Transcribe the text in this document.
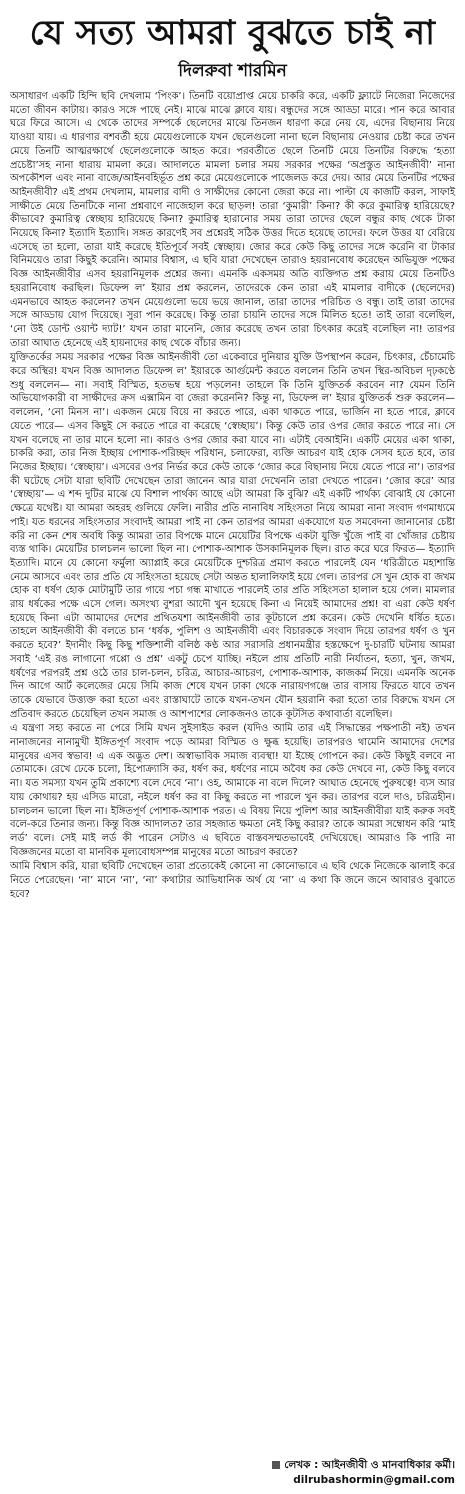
যে সত্য আমরা বুঝতে চাই না
দিলরুবা শারমিন

অসাধারণ একটি হিন্দি ছবি দেখলাম ‘পিংক’। তিনটি বয়োপ্রাপ্ত মেয়ে চাকরি করে, একটি ফ্ল্যাটে নিজেরা নিজেদের মতো জীবন কাটায়। কারও সঙ্গে পাছে নেই। মাঝে মাঝে ক্লাবে যায়। বন্ধুদের সঙ্গে আড্ডা মারে। পান করে আবার ঘরে ফিরে আসে। এ থেকে তাদের সম্পর্কে ছেলেদের মাঝে তিনজন ধারণা করে নেয় যে, এদের বিছানায় নিয়ে যাওয়া যায়। এ ধারণার বশবর্তী হয়ে মেয়েগুলোকে যখন ছেলেগুলো নানা ছলে বিছানায় নেওয়ার চেষ্টা করে তখন মেয়ে তিনটি আত্মরক্ষার্থে ছেলেগুলোকে আহত করে। পরবর্তীতে ছেলে তিনটি মেয়ে তিনটির বিরুদ্ধে ‘হত্যা প্রচেষ্টা’সহ নানা ধারায় মামলা করে। আদালতে মামলা চলার সময় সরকার পক্ষের ‘অপ্রস্তুত আইনজীবী’ নানা অপকৌশল এবং নানা বাজে/আইনবহির্ভূত প্রশ্ন করে মেয়েগুলোকে পাজেলড করে দেয়। আর মেয়ে তিনটির পক্ষের আইনজীবী? এই প্রথম দেখলাম, মামলার বাদী ও সাক্ষীদের কোনো জেরা করে না। পাল্টা যে কাজটি করল, সাফাই সাক্ষীতে মেয়ে তিনটিকে নানা প্রশ্নবাণে নাজেহাল করে ছাড়ল! তারা ‘কুমারী’ কিনা? কী করে কুমারিত্ব হারিয়েছে? কীভাবে? কুমারিত্ব স্বেচ্ছায় হারিয়েছে কিনা? কুমারিত্ব হারানোর সময় তারা তাদের ছেলে বন্ধুর কাছ থেকে টাকা নিয়েছে কিনা? ইত্যাদি ইত্যাদি। সঙ্গত কারণেই সব প্রশ্নেরই সঠিক উত্তর দিতে হয়েছে তাদের। ফলে উত্তর যা বেরিয়ে এসেছে তা হলো, তারা যাই করেছে ইতিপূর্বে সবই স্বেচ্ছায়। জোর করে কেউ কিছু তাদের সঙ্গে করেনি বা টাকার বিনিময়েও তারা কিছুই করেনি। আমার বিশ্বাস, এ ছবি যারা দেখেছেন তারাও হয়রানবোধ করেছেন অভিযুক্ত পক্ষের বিজ্ঞ আইনজীবীর এসব হয়রানিমূলক প্রশ্নের জন্য। এমনকি একসময় অতি ব্যক্তিগত প্রশ্ন করায় মেয়ে তিনটিও হয়রানিবোধ করছিল। ডিফেন্স ল’ ইয়ার প্রশ্ন করলেন, তাদেরকে কেন তারা এই মামলার বাদীকে (ছেলেদের) এমনভাবে আহত করলেন? তখন মেয়েগুলো ভয়ে ভয়ে জানাল, তারা তাদের পরিচিত ও বন্ধু। তাই তারা তাদের সঙ্গে আড্ডায় যোগ দিয়েছে। সুরা পান করেছে। কিন্তু তারা চায়নি তাদের সঙ্গে মিলিত হতে! তাই তারা বলেছিল, ‘নো উই ডোন্ট ওয়ান্ট দ্যাট!’ যখন তারা মানেনি, জোর করেছে তখন তারা চিৎকার করেই বলেছিল না! তারপর তারা আঘাত হেনেছে এই হায়নাদের কাছ থেকে বাঁচার জন্য।

যুক্তিতর্কের সময় সরকার পক্ষের বিজ্ঞ আইনজীবী তো একেবারে দুনিয়ার যুক্তি উপস্থাপন করেন, চিৎকার, চেঁচামেচি করে অস্থির! যখন বিজ্ঞ আদালত ডিফেন্স ল’ ইয়ারকে আর্গুমেন্ট করতে বললেন তিনি তখন স্থির-অবিচল দৃঢ়কণ্ঠে শুধু বললেন— না। সবাই বিস্মিত, হতভম্ব হয়ে পড়লেন! তাহলে কি তিনি যুক্তিতর্ক করবেন না? যেমন তিনি অভিযোগকারী বা সাক্ষীদের ক্রস এক্সামিন বা জেরা করেননি? কিন্তু না, ডিফেন্স ল’ ইয়ার যুক্তিতর্ক শুরু করলেন— বললেন, ‘নো মিনস না’। একজন মেয়ে বিয়ে না করতে পারে, একা থাকতে পারে, ভার্জিন না হতে পারে, ক্লাবে যেতে পারে— এসব কিছুই সে করতে পারে বা করেছে ‘স্বেচ্ছায়’। কিন্তু কেউ তার ওপর জোর করতে পারে না। সে যখন বলেছে না তার মানে হলো না। কারও ওপর জোর করা যাবে না। এটাই বেআইনি। একটি মেয়ের একা থাকা, চাকরি করা, তার নিজ ইচ্ছায় পোশাক-পরিচ্ছদ পরিধান, চলাফেরা, ব্যক্তি আচরণ যাই হোক সেসব হতে হবে, তার নিজের ইচ্ছায়। ‘স্বেচ্ছায়’। এসবের ওপর নির্ভর করে কেউ তাকে ‘জোর করে বিছানায় নিয়ে যেতে পারে না’। তারপর কী ঘটেছে সেটা যারা ছবিটি দেখেছেন তারা জানেন আর যারা দেখেননি তারা দেখতে পারেন। ‘জোর করে’ আর ‘স্বেচ্ছায়’— এ শব্দ দুটির মাঝে যে বিশাল পার্থক্য আছে এটা আমরা কি বুঝি? এই একটি পার্থক্য বোঝাই যে কোনো ক্ষেত্রে যথেষ্ট। যা আমরা অহরহ গুলিয়ে ফেলি। নারীর প্রতি নানাবিধ সহিংসতা নিয়ে আমরা নানা সংবাদ গণমাধ্যমে পাই। যত ধরনের সহিংসতার সংবাদই আমরা পাই না কেন তারপর আমরা একযোগে যত সমবেদনা জানানোর চেষ্টা করি না কেন শেষ অবধি কিন্তু আমরা তার বিপক্ষে মানে মেয়েটির বিপক্ষে একটা যুক্তি খুঁজে পাই বা খোঁজার চেষ্টায় ব্যস্ত থাকি। মেয়েটির চালচলন ভালো ছিল না। পোশাক-আশাক উসকানিমূলক ছিল। রাত করে ঘরে ফিরত— ইত্যাদি ইত্যাদি। মানে যে কোনো ফর্মুলা অ্যাপ্লাই করে মেয়েটিকে দুশ্চরিত্র প্রমাণ করতে পারলেই যেন ‘ধরিত্রীতে মহাশান্তি নেমে আসবে এবং তার প্রতি যে সহিংসতা হয়েছে সেটা অন্তত হালালিফাই হয়ে গেল। তারপর সে খুন হোক বা জখম হোক বা ধর্ষণ হোক মোটামুটি তার গায়ে পচা গন্ধ মাখাতে পারলেই তার প্রতি সহিংসতা হালাল হয়ে গেল। মামলার রায় ধর্ষকের পক্ষে এসে গেল। অসংখ্য বুশরা আদৌ খুন হয়েছে কিনা এ নিয়েই আমাদের প্রশ্ন! বা এরা কেউ ধর্ষণ হয়েছে কিনা এটা আমাদের দেশের প্রথিতযশা আইনজীবী তার কূটচালে প্রশ্ন করেন। কেউ দেখেনি ধর্ষিত হতে। তাহলে আইনজীবী কী বলতে চান ‘ধর্ষক, পুলিশ ও আইনজীবী এবং বিচারককে সংবাদ দিয়ে তারপর ধর্ষণ ও খুন করতে হবে?’ ইদানীং কিছু কিছু শক্তিশালী বলিষ্ঠ কণ্ঠ আর সরাসরি প্রধানমন্ত্রীর হস্তক্ষেপে দু-চারটি ঘটনায় আমরা সবাই ‘এই রঙ লাগানো গপ্পো ও প্রশ্ন’ একটু চেপে যাচ্ছি। নইলে প্রায় প্রতিটি নারী নির্যাতন, হত্যা, খুন, জখম, ধর্ষণের পরপরই প্রশ্ন ওঠে তার চাল-চলন, চরিত্র, আচার-আচরণ, পোশাক-আশাক, কাজকর্ম নিয়ে। এমনকি অনেক দিন আগে আর্ট কলেজের মেয়ে সিমি কাজ শেষে যখন ঢাকা থেকে নারায়ণগঞ্জে তার বাসায় ফিরতে যাবে তখন তাকে যেভাবে উত্ত্যক্ত করা হতো এবং রাস্তাঘাটে তাকে যখন-তখন যৌন হয়রানি করা হতো তার বিরুদ্ধে যখন সে প্রতিবাদ করতে চেয়েছিল তখন সমাজ ও আশপাশের লোকজনও তাকে কূটসিত কথাবার্তা বলেছিল।

এ যন্ত্রণা সহ্য করতে না পেরে সিমি যখন সুইসাইড করল (যদিও আমি তার এই সিদ্ধান্তের পক্ষপাতী নই) তখন নানাজনের নানামুখী ইঙ্গিতপূর্ণ সংবাদ পড়ে আমরা বিস্মিত ও ক্ষুব্ধ হয়েছি। তারপরও থামেনি আমাদের দেশের মানুষের এসব স্বভাব! এ এক অদ্ভুত দেশ। অস্বাভাবিক সমাজ ব্যবস্থা! যা ইচ্ছে গোপনে কর। কেউ কিছুই বলবে না তোমাকে। রেখে ঢেকে চলো, হিপোক্র্যাসি কর, ধর্ষণ কর, ধর্ষণের নামে অবৈধ কর কেউ দেখবে না, কেউ কিছু বলবে না। যত সমস্যা যখন তুমি প্রকাশ্যে বলে দেবে ‘না’। ওহ, আমাকে না বলে দিলে? আঘাত হেনেছে পুরুষত্বে! ব্যস আর যায় কোথায়? হয় এসিড মারো, নইলে ধর্ষণ কর বা কিছু করতে না পারলে খুন কর। তারপর বলে দাও, চরিত্রহীন। চালচলন ভালো ছিল না। ইঙ্গিতপূর্ণ পোশাক-আশাক পরত। এ বিষয় নিয়ে পুলিশ আর আইনজীবীরা যাই করুক সবই বলে-করে তিনার জন্য। কিন্তু বিজ্ঞ আদালত? তার সহজাত ক্ষমতা নেই কিছু করার? তাকে আমরা সম্বোধন করি ‘মাই লর্ড’ বলে। সেই মাই লর্ড কী পারেন সেটাও এ ছবিতে বাস্তবসম্মতভাবেই দেখিয়েছে। আমরাও কি পারি না বিজ্ঞজনের মতো বা মানবিক মূল্যবোধসম্পন্ন মানুষের মতো আচরণ করতে?

আমি বিশ্বাস করি, যারা ছবিটি দেখেছেন তারা প্রত্যেকেই কোনো না কোনোভাবে এ ছবি থেকে নিজেকে ঝালাই করে নিতে পেরেছেন। ‘না’ মানে ‘না’, ‘না’ কথাটার আভিধানিক অর্থ যে ‘না’ এ কথা কি জনে জনে আবারও বুঝাতে হবে?

লেখক : আইনজীবী ও মানবাধিকার কর্মী।
dilrubashormin@gmail.com
